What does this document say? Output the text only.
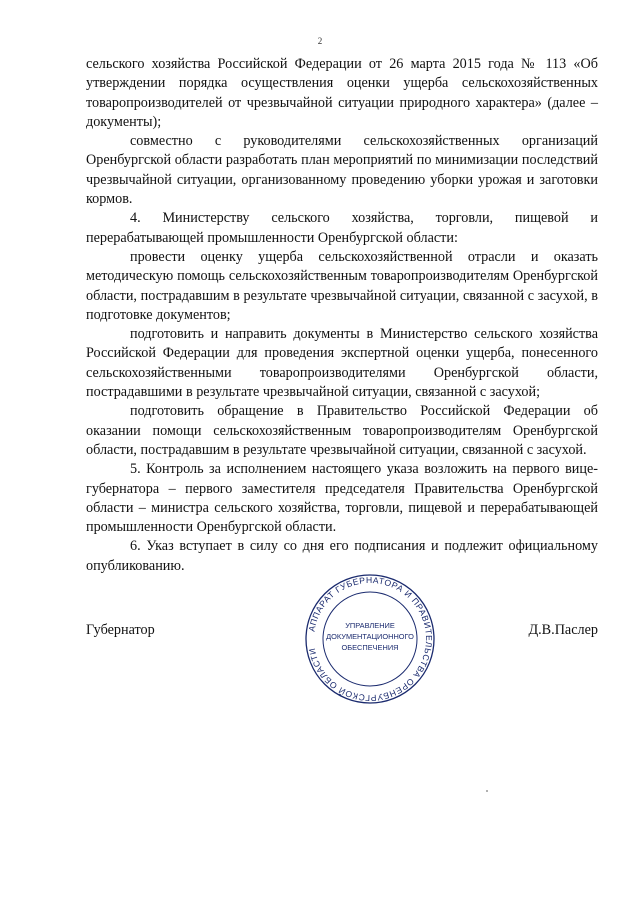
2

сельского хозяйства Российской Федерации от 26 марта 2015 года № 113 «Об утверждении порядка осуществления оценки ущерба сельскохозяйственных товаропроизводителей от чрезвычайной ситуации природного характера» (далее – документы);

совместно с руководителями сельскохозяйственных организаций Оренбургской области разработать план мероприятий по минимизации последствий чрезвычайной ситуации, организованному проведению уборки урожая и заготовки кормов.

4. Министерству сельского хозяйства, торговли, пищевой и перерабатывающей промышленности Оренбургской области:

провести оценку ущерба сельскохозяйственной отрасли и оказать методическую помощь сельскохозяйственным товаропроизводителям Оренбургской области, пострадавшим в результате чрезвычайной ситуации, связанной с засухой, в подготовке документов;

подготовить и направить документы в Министерство сельского хозяйства Российской Федерации для проведения экспертной оценки ущерба, понесенного сельскохозяйственными товаропроизводителями Оренбургской области, пострадавшими в результате чрезвычайной ситуации, связанной с засухой;

подготовить обращение в Правительство Российской Федерации об оказании помощи сельскохозяйственным товаропроизводителям Оренбургской области, пострадавшим в результате чрезвычайной ситуации, связанной с засухой.

5. Контроль за исполнением настоящего указа возложить на первого вице-губернатора – первого заместителя председателя Правительства Оренбургской области – министра сельского хозяйства, торговли, пищевой и перерабатывающей промышленности Оренбургской области.

6. Указ вступает в силу со дня его подписания и подлежит официальному опубликованию.

Губернатор	Д.В.Паслер
АППАРАТ ГУБЕРНАТОРА И ПРАВИТЕЛЬСТВА ОРЕНБУРГСКОЙ ОБЛАСТИ
УПРАВЛЕНИЕ
ДОКУМЕНТАЦИОННОГО
ОБЕСПЕЧЕНИЯ
